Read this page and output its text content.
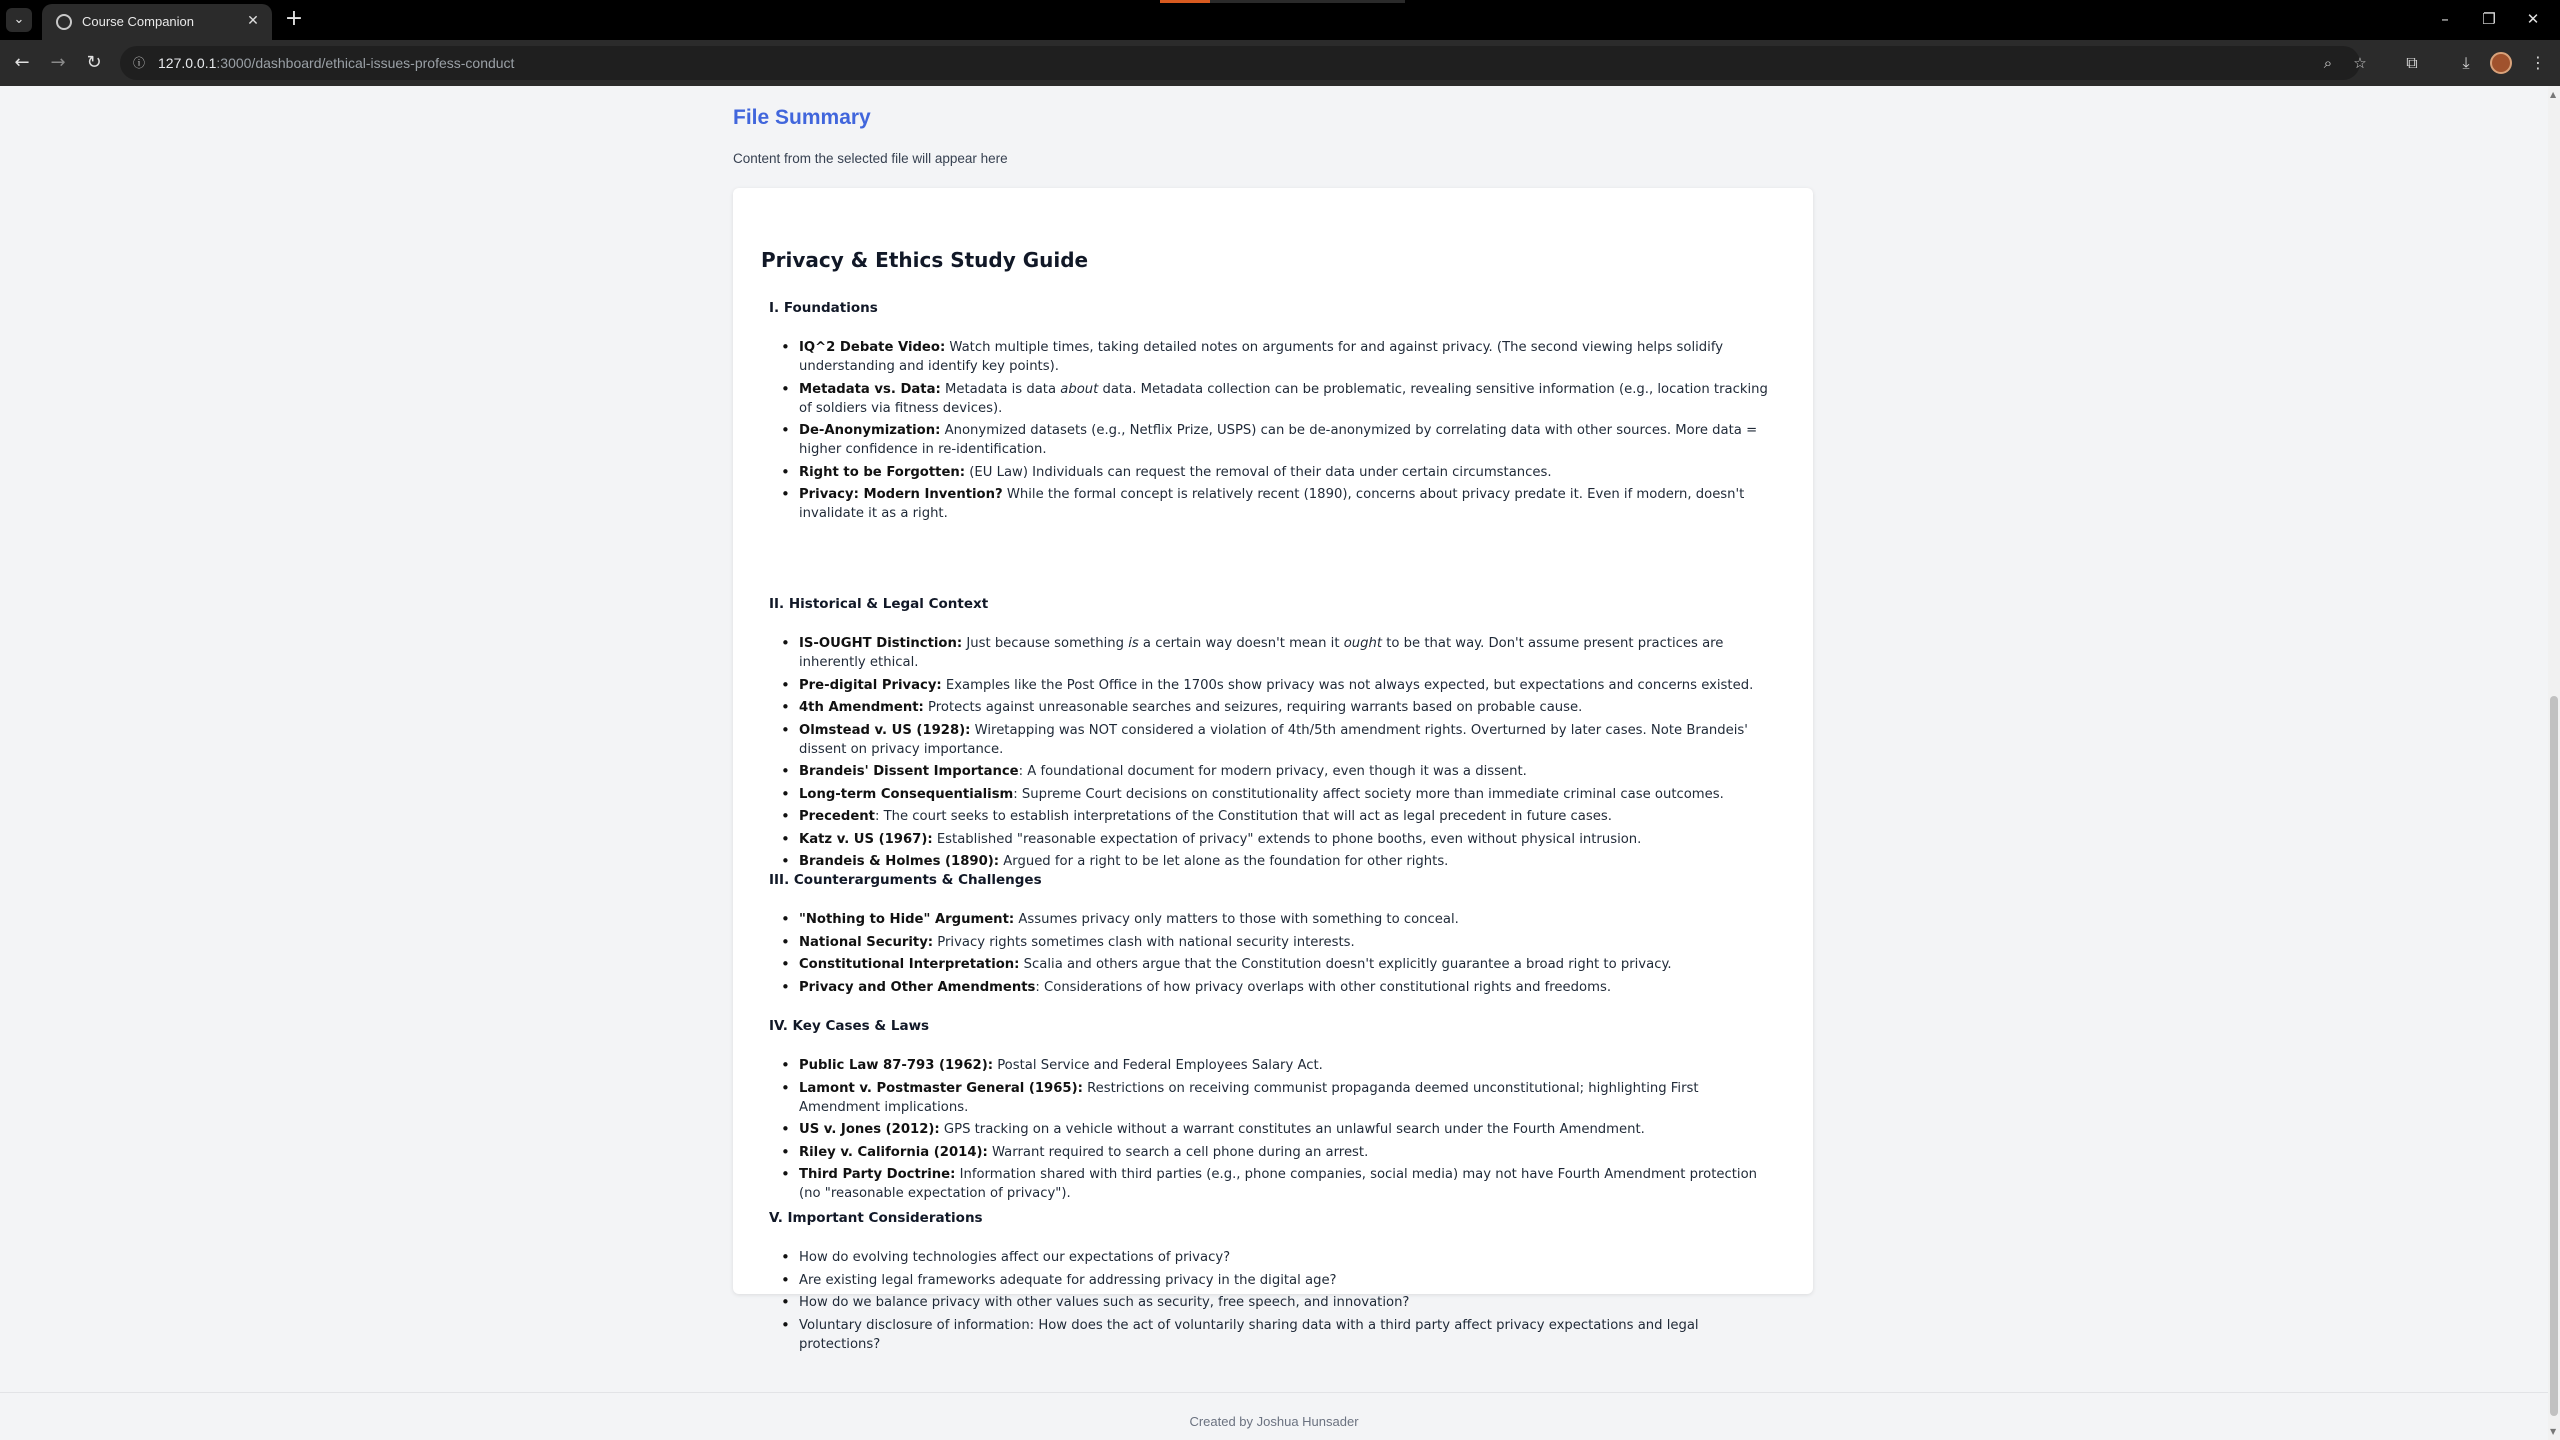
⌄	Course Companion	✕ +	–	❐	✕
← → ↻	ⓘ 127.0.0.1:3000/dashboard/ethical-issues-profess-conduct	⌕	☆	⧉	⤓	⋮
File Summary
Content from the selected file will appear here
Privacy & Ethics Study Guide
I. Foundations
• IQ^2 Debate Video: Watch multiple times, taking detailed notes on arguments for and against privacy. (The second viewing helps solidify understanding and identify key points).
• Metadata vs. Data: Metadata is data about data. Metadata collection can be problematic, revealing sensitive information (e.g., location tracking of soldiers via fitness devices).
• De-Anonymization: Anonymized datasets (e.g., Netflix Prize, USPS) can be de-anonymized by correlating data with other sources. More data = higher confidence in re-identification.
• Right to be Forgotten: (EU Law) Individuals can request the removal of their data under certain circumstances.
• Privacy: Modern Invention? While the formal concept is relatively recent (1890), concerns about privacy predate it. Even if modern, doesn't invalidate it as a right.
II. Historical & Legal Context
• IS-OUGHT Distinction: Just because something is a certain way doesn't mean it ought to be that way. Don't assume present practices are inherently ethical.
• Pre-digital Privacy: Examples like the Post Office in the 1700s show privacy was not always expected, but expectations and concerns existed.
• 4th Amendment: Protects against unreasonable searches and seizures, requiring warrants based on probable cause.
• Olmstead v. US (1928): Wiretapping was NOT considered a violation of 4th/5th amendment rights. Overturned by later cases. Note Brandeis' dissent on privacy importance.
• Brandeis' Dissent Importance: A foundational document for modern privacy, even though it was a dissent.
• Long-term Consequentialism: Supreme Court decisions on constitutionality affect society more than immediate criminal case outcomes.
• Precedent: The court seeks to establish interpretations of the Constitution that will act as legal precedent in future cases.
• Katz v. US (1967): Established "reasonable expectation of privacy" extends to phone booths, even without physical intrusion.
• Brandeis & Holmes (1890): Argued for a right to be let alone as the foundation for other rights.
III. Counterarguments & Challenges
• "Nothing to Hide" Argument: Assumes privacy only matters to those with something to conceal.
• National Security: Privacy rights sometimes clash with national security interests.
• Constitutional Interpretation: Scalia and others argue that the Constitution doesn't explicitly guarantee a broad right to privacy.
• Privacy and Other Amendments: Considerations of how privacy overlaps with other constitutional rights and freedoms.
IV. Key Cases & Laws
• Public Law 87-793 (1962): Postal Service and Federal Employees Salary Act.
• Lamont v. Postmaster General (1965): Restrictions on receiving communist propaganda deemed unconstitutional; highlighting First Amendment implications.
• US v. Jones (2012): GPS tracking on a vehicle without a warrant constitutes an unlawful search under the Fourth Amendment.
• Riley v. California (2014): Warrant required to search a cell phone during an arrest.
• Third Party Doctrine: Information shared with third parties (e.g., phone companies, social media) may not have Fourth Amendment protection (no "reasonable expectation of privacy").
V. Important Considerations
• How do evolving technologies affect our expectations of privacy?
• Are existing legal frameworks adequate for addressing privacy in the digital age?
• How do we balance privacy with other values such as security, free speech, and innovation?
• Voluntary disclosure of information: How does the act of voluntarily sharing data with a third party affect privacy expectations and legal protections?
Created by Joshua Hunsader
▲
▼
